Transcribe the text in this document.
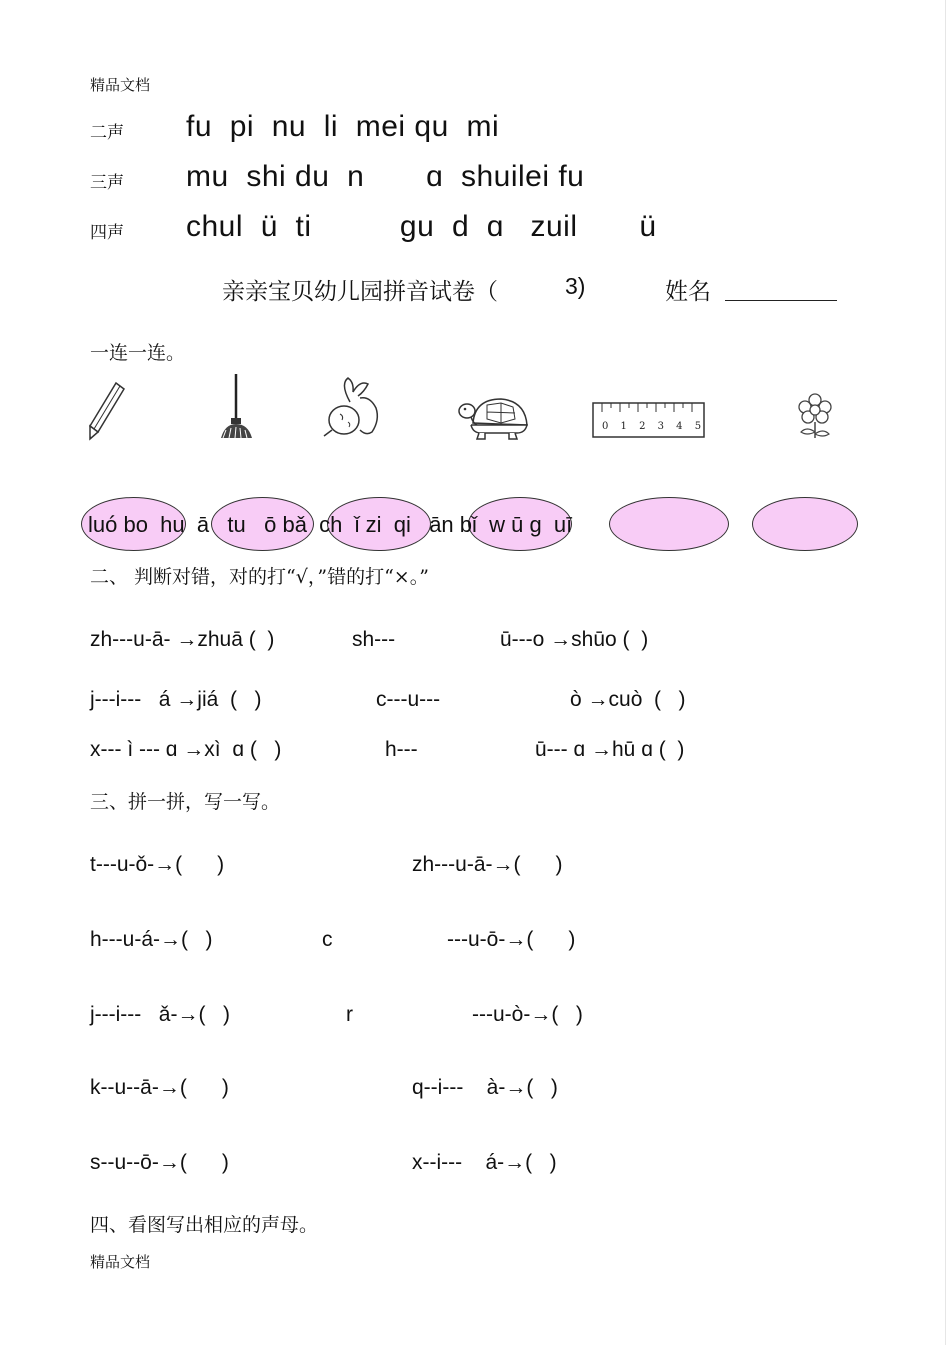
精品文档
二声 fu  pi  nu  li  mei qu  mi
三声 mu  shi du  n       ɑ  shuilei fu
四声 chul  ü  ti          gu  d  ɑ   zuil       ü
亲亲宝贝幼儿园拼音试卷（	3)	姓名
一连一连。
0 1 2 3 4 5
luó bo  hu  ā   tu   ō bǎ  ch  ǐ zi  qi   ān bǐ  w ū g  uī
二、 判断对错，对的打“√，”错的打“×。”
zh---u-ā- →zhuā (  )	sh---	ū---o →shūo (  )
j---i---   á →jiá  (   )	c---u---	ò →cuò  (   )
x--- ì --- ɑ →xì  ɑ (   )	h---	ū--- ɑ →hū ɑ (  )
三、拼一拼，写一写。
t---u-ǒ-→(      )	zh---u-ā-→(      )
h---u-á-→(   )	c	---u-ō-→(      )
j---i---   ǎ-→(   )	r	---u-ò-→(   )
k--u--ā-→(      )	q--i---    à-→(   )
s--u--ō-→(      )	x--i---    á-→(   )
四、看图写出相应的声母。
精品文档
